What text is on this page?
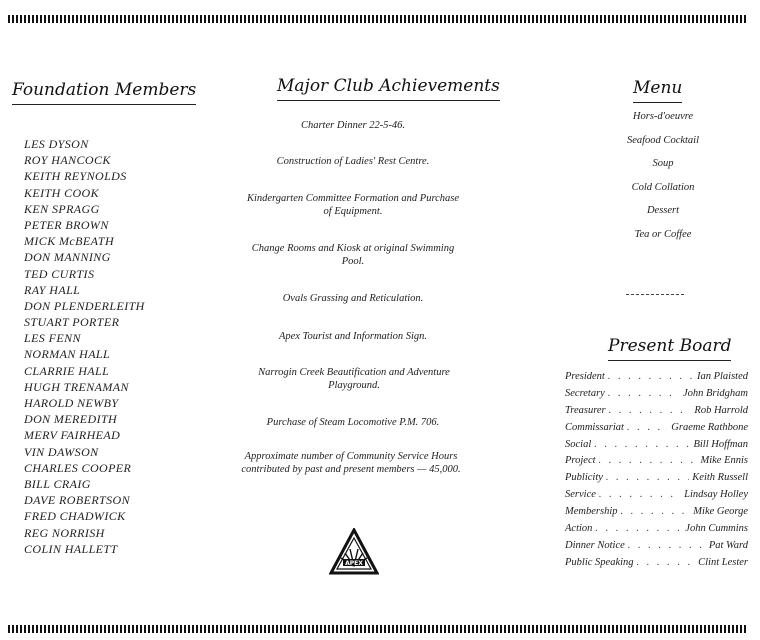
Foundation Members
LES DYSON
ROY HANCOCK
KEITH REYNOLDS
KEITH COOK
KEN SPRAGG
PETER BROWN
MICK McBEATH
DON MANNING
TED CURTIS
RAY HALL
DON PLENDERLEITH
STUART PORTER
LES FENN
NORMAN HALL
CLARRIE HALL
HUGH TRENAMAN
HAROLD NEWBY
DON MEREDITH
MERV FAIRHEAD
VIN DAWSON
CHARLES COOPER
BILL CRAIG
DAVE ROBERTSON
FRED CHADWICK
REG NORRISH
COLIN HALLETT
Major Club Achievements
Charter Dinner 22-5-46.
Construction of Ladies' Rest Centre.
Kindergarten Committee Formation and Purchase of Equipment.
Change Rooms and Kiosk at original Swimming Pool.
Ovals Grassing and Reticulation.
Apex Tourist and Information Sign.
Narrogin Creek Beautification and Adventure Playground.
Purchase of Steam Locomotive P.M. 706.
Approximate number of Community Service Hours contributed by past and present members — 45,000.
APEX
Menu
Hors-d'oeuvre
Seafood Cocktail
Soup
Cold Collation
Dessert
Tea or Coffee
Present Board
President . . .	Ian Plaisted
Secretary . . .	John Bridgham
Treasurer . . .	Rob Harrold
Commissariat . . .	Graeme Rathbone
Social . . .	Bill Hoffman
Project . . .	Mike Ennis
Publicity . . .	Keith Russell
Service . . .	Lindsay Holley
Membership . . .	Mike George
Action . . .	John Cummins
Dinner Notice . . .	Pat Ward
Public Speaking . . .	Clint Lester
